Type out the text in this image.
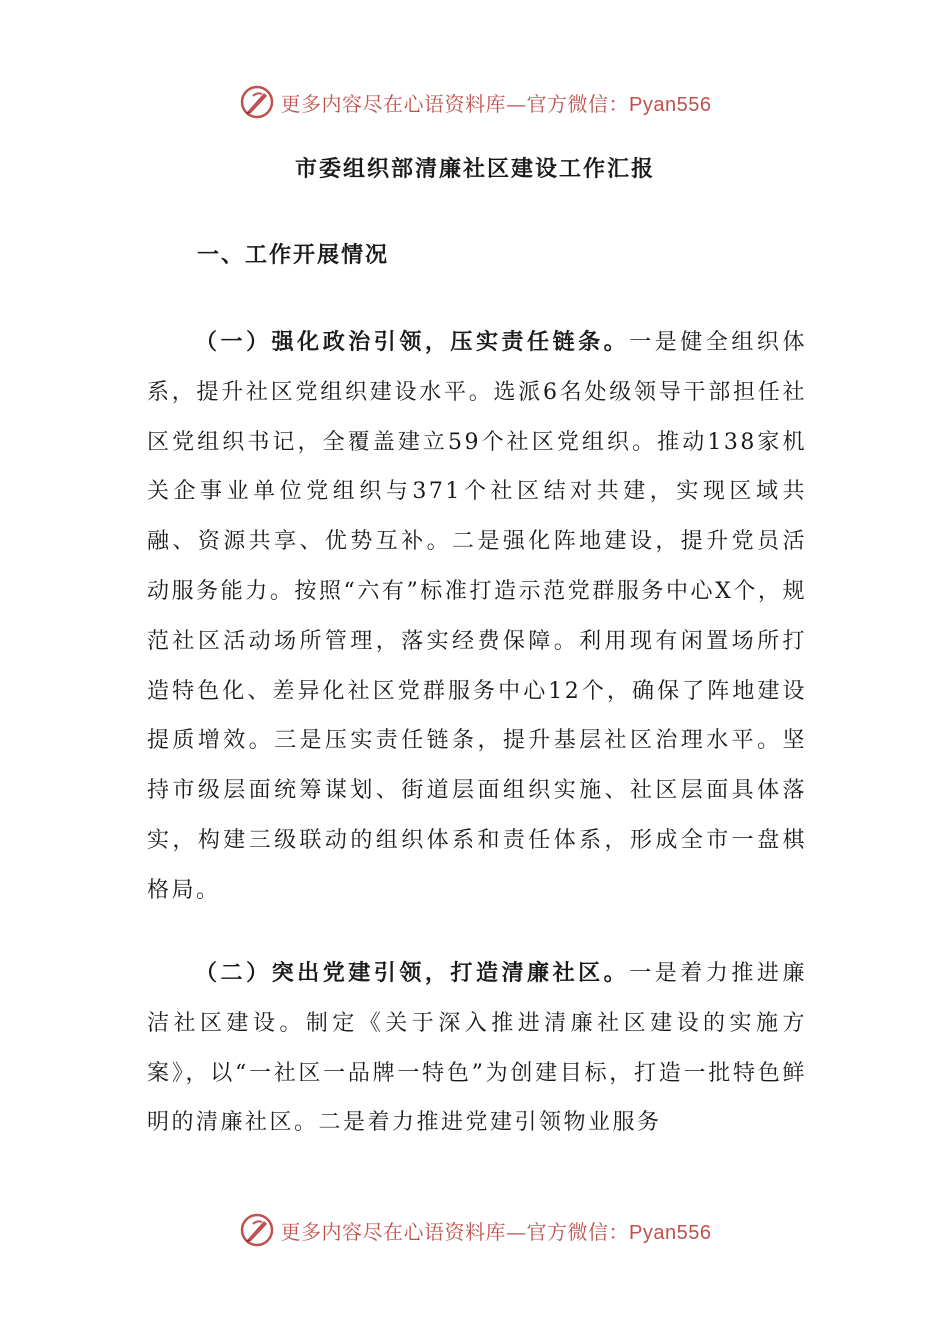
更多内容尽在心语资料库—官方微信：Pyan556
市委组织部清廉社区建设工作汇报
一、工作开展情况

（一）强化政治引领，压实责任链条。一是健全组织体系，提升社区党组织建设水平。选派6名处级领导干部担任社区党组织书记，全覆盖建立59个社区党组织。推动138家机关企事业单位党组织与371个社区结对共建，实现区域共融、资源共享、优势互补。二是强化阵地建设，提升党员活动服务能力。按照“六有”标准打造示范党群服务中心X个，规范社区活动场所管理，落实经费保障。利用现有闲置场所打造特色化、差异化社区党群服务中心12个，确保了阵地建设提质增效。三是压实责任链条，提升基层社区治理水平。坚持市级层面统筹谋划、街道层面组织实施、社区层面具体落实，构建三级联动的组织体系和责任体系，形成全市一盘棋格局。

（二）突出党建引领，打造清廉社区。一是着力推进廉洁社区建设。制定《关于深入推进清廉社区建设的实施方案》，以“一社区一品牌一特色”为创建目标，打造一批特色鲜明的清廉社区。二是着力推进党建引领物业服务

更多内容尽在心语资料库—官方微信：Pyan556
